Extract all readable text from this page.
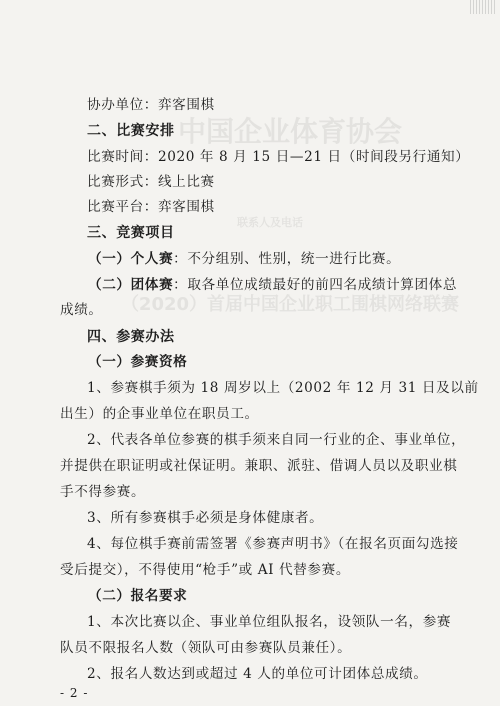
中国企业体育协会
（2020）首届中国企业职工围棋网络联赛
联系人及电话
协办单位：弈客围棋
二、比赛安排
比赛时间：2020 年 8 月 15 日—21 日（时间段另行通知）
比赛形式：线上比赛
比赛平台：弈客围棋
三、竞赛项目
（一）个人赛：不分组别、性别，统一进行比赛。
（二）团体赛：取各单位成绩最好的前四名成绩计算团体总
成绩。
四、参赛办法
（一）参赛资格
1、参赛棋手须为 18 周岁以上（2002 年 12 月 31 日及以前
出生）的企事业单位在职员工。
2、代表各单位参赛的棋手须来自同一行业的企、事业单位，
并提供在职证明或社保证明。兼职、派驻、借调人员以及职业棋
手不得参赛。
3、所有参赛棋手必须是身体健康者。
4、每位棋手赛前需签署《参赛声明书》（在报名页面勾选接
受后提交），不得使用“枪手”或 AI 代替参赛。
（二）报名要求
1、本次比赛以企、事业单位组队报名，设领队一名，参赛
队员不限报名人数（领队可由参赛队员兼任）。
2、报名人数达到或超过 4 人的单位可计团体总成绩。
- 2 -
